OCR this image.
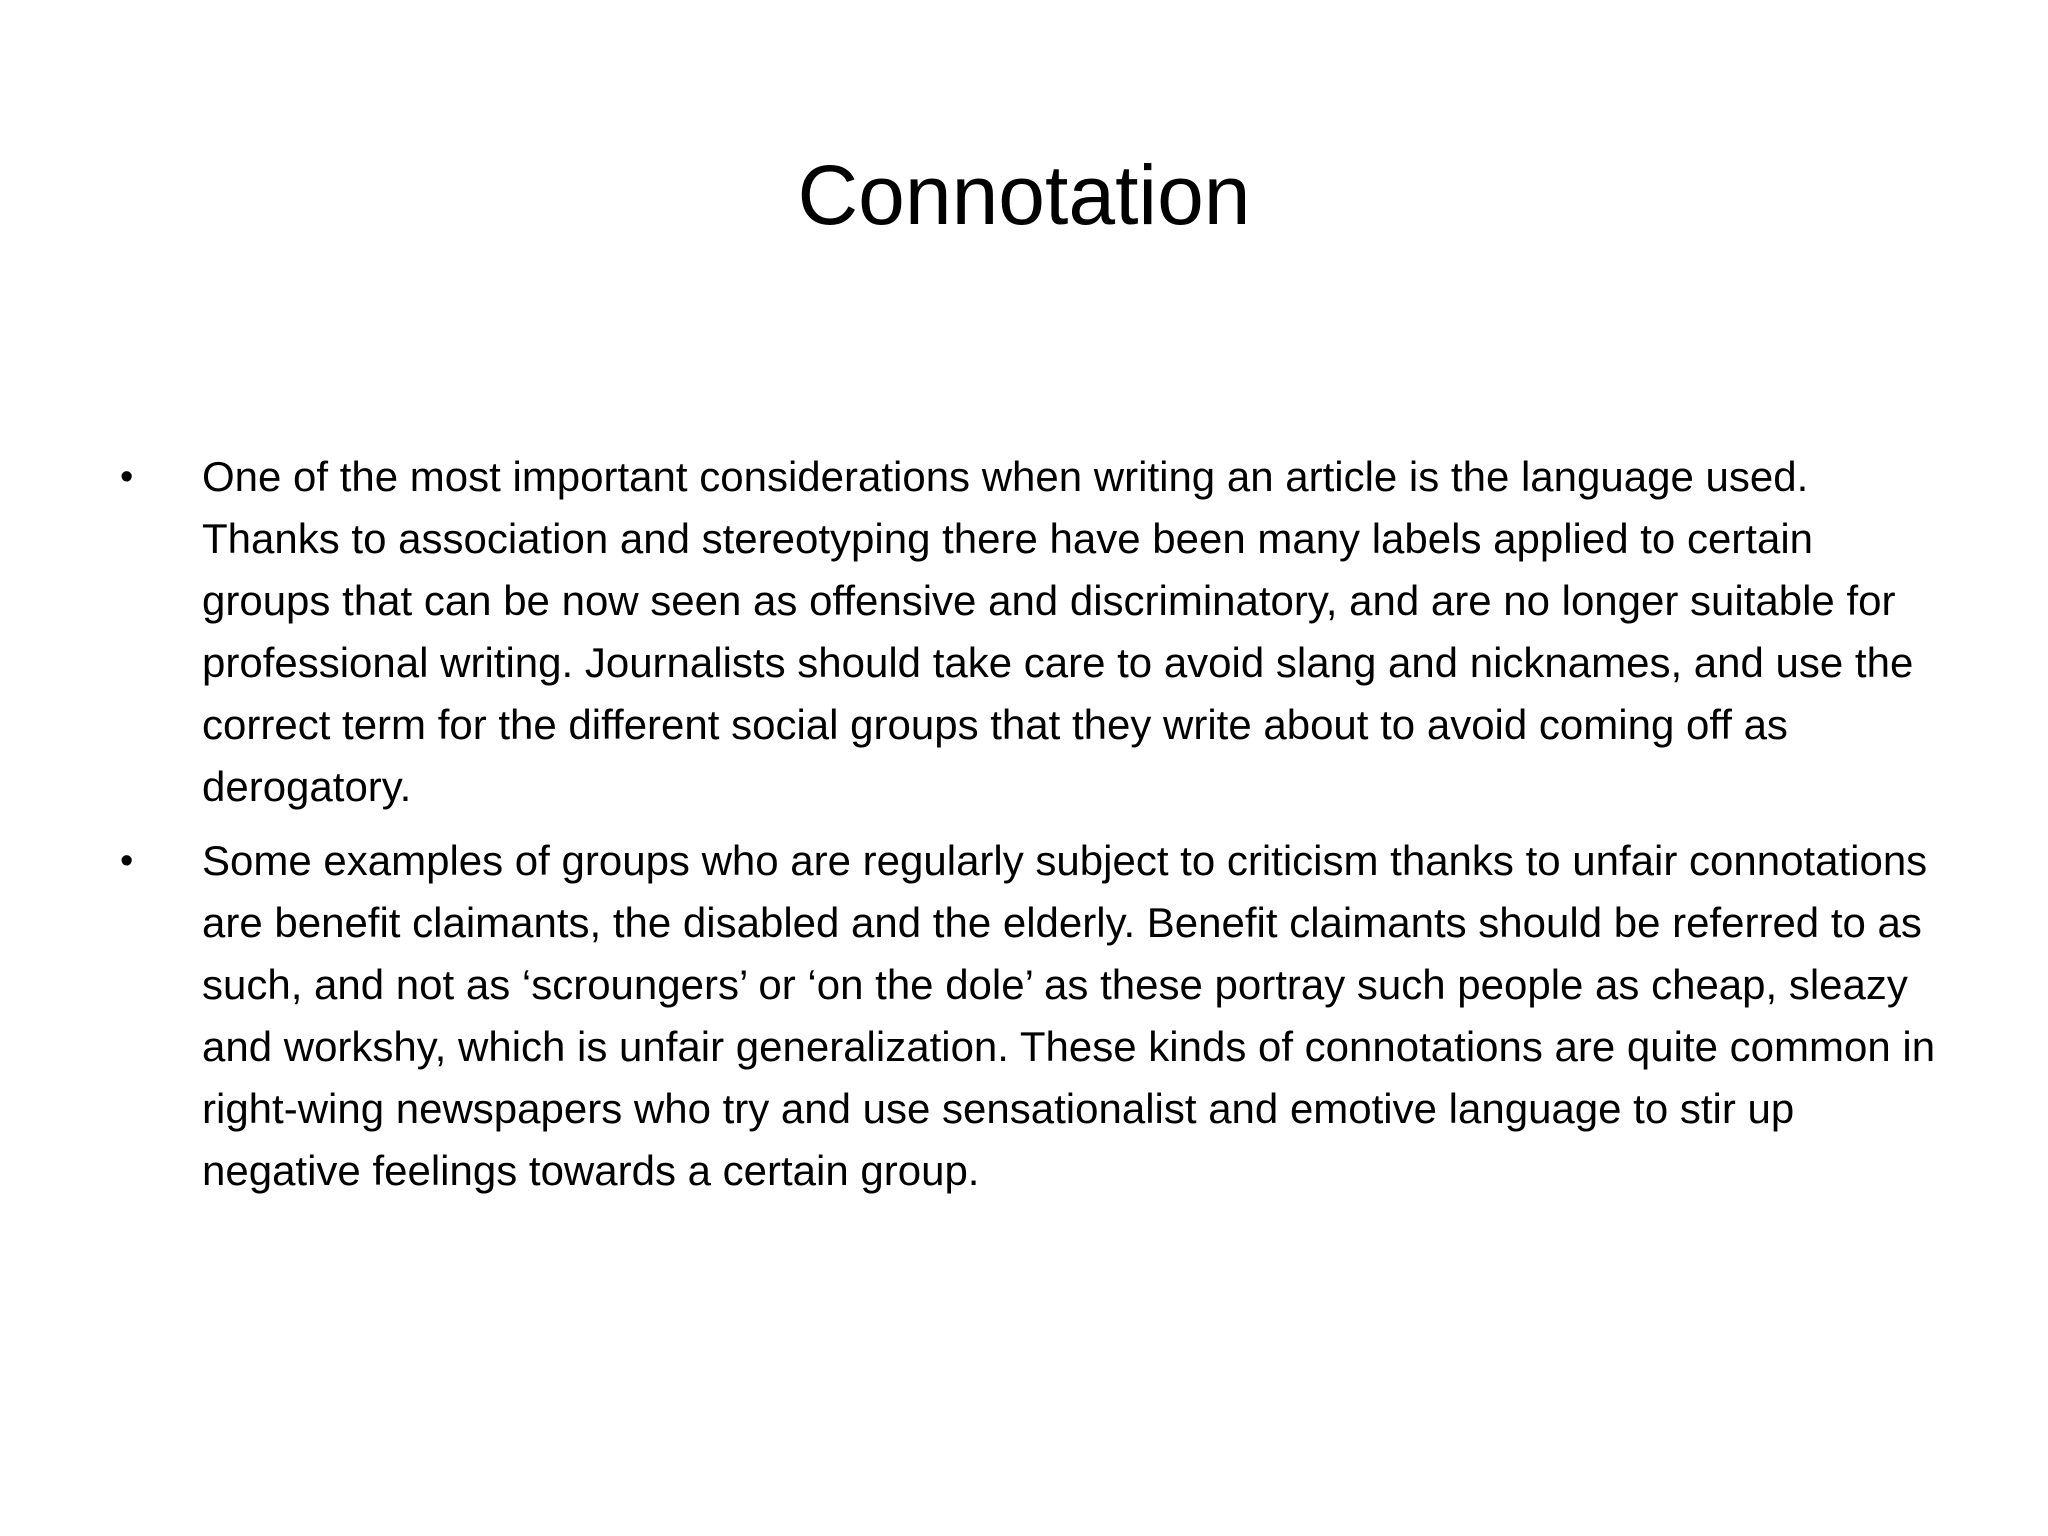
Connotation
•	One of the most important considerations when writing an article is the language used. Thanks to association and stereotyping there have been many labels applied to certain groups that can be now seen as offensive and discriminatory, and are no longer suitable for professional writing. Journalists should take care to avoid slang and nicknames, and use the correct term for the different social groups that they write about to avoid coming off as derogatory.
•	Some examples of groups who are regularly subject to criticism thanks to unfair connotations are benefit claimants, the disabled and the elderly. Benefit claimants should be referred to as such, and not as ‘scroungers’ or ‘on the dole’ as these portray such people as cheap, sleazy and workshy, which is unfair generalization. These kinds of connotations are quite common in right-wing newspapers who try and use sensationalist and emotive language to stir up negative feelings towards a certain group.
